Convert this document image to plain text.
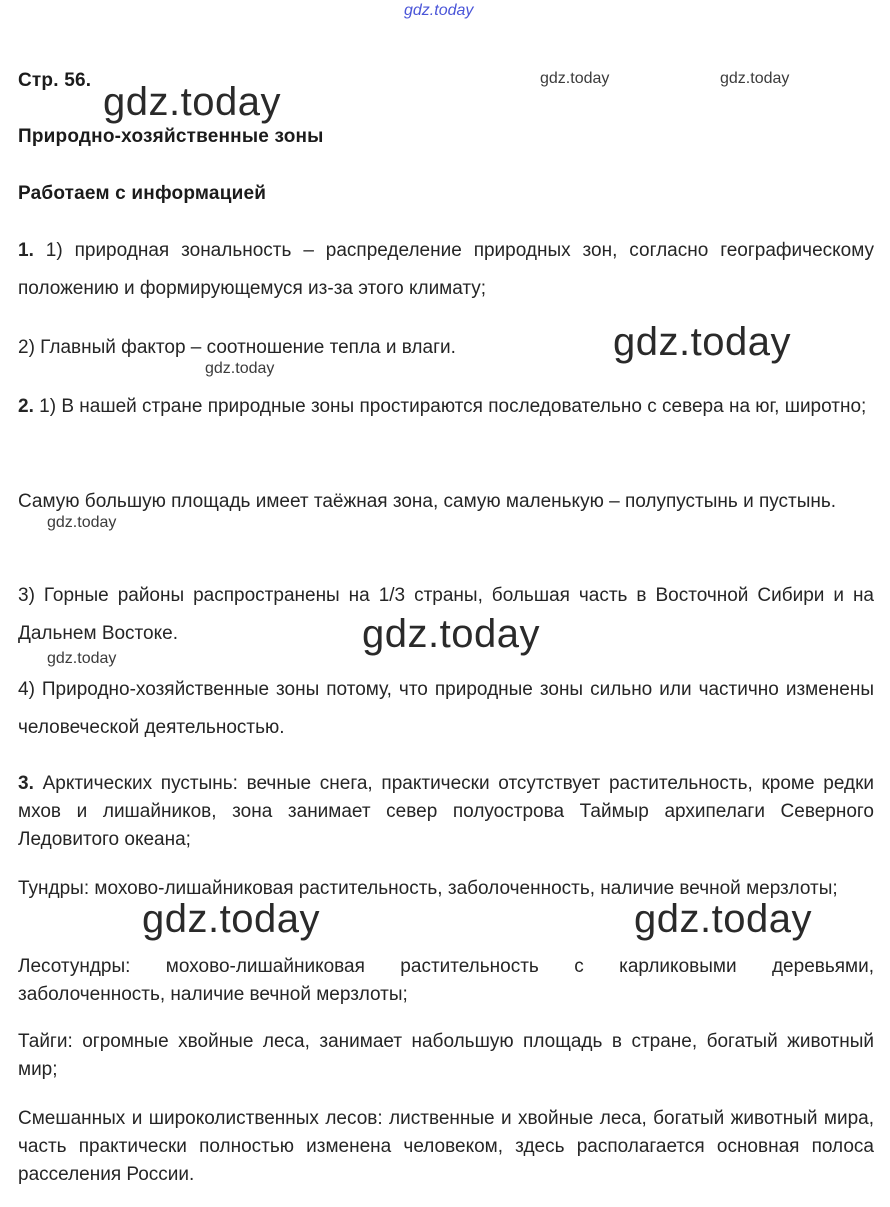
Стр. 56.
Природно-хозяйственные зоны
Работаем с информацией
1. 1) природная зональность – распределение природных зон, согласно географическому положению и формирующемуся из-за этого климату;
2) Главный фактор – соотношение тепла и влаги.
2. 1) В нашей стране природные зоны простираются последовательно с севера на юг, широтно;
Самую большую площадь имеет таёжная зона, самую маленькую – полупустынь и пустынь.
3) Горные районы распространены на 1/3 страны, большая часть в Восточной Сибири и на Дальнем Востоке.
4) Природно-хозяйственные зоны потому, что природные зоны сильно или частично изменены человеческой деятельностью.
3. Арктических пустынь: вечные снега, практически отсутствует растительность, кроме редки мхов и лишайников, зона занимает север полуострова Таймыр архипелаги Северного Ледовитого океана;
Тундры: мохово-лишайниковая растительность, заболоченность, наличие вечной мерзлоты;
Лесотундры: мохово-лишайниковая растительность с карликовыми деревьями, заболоченность, наличие вечной мерзлоты;
Тайги: огромные хвойные леса, занимает набольшую площадь в стране, богатый животный мир;
Смешанных и широколиственных лесов: лиственные и хвойные леса, богатый животный мира, часть практически полностью изменена человеком, здесь располагается основная полоса расселения России.
gdz.today
gdz.today	gdz.today
gdz.today
gdz.today
gdz.today
gdz.today
gdz.today
gdz.today
gdz.today	gdz.today
